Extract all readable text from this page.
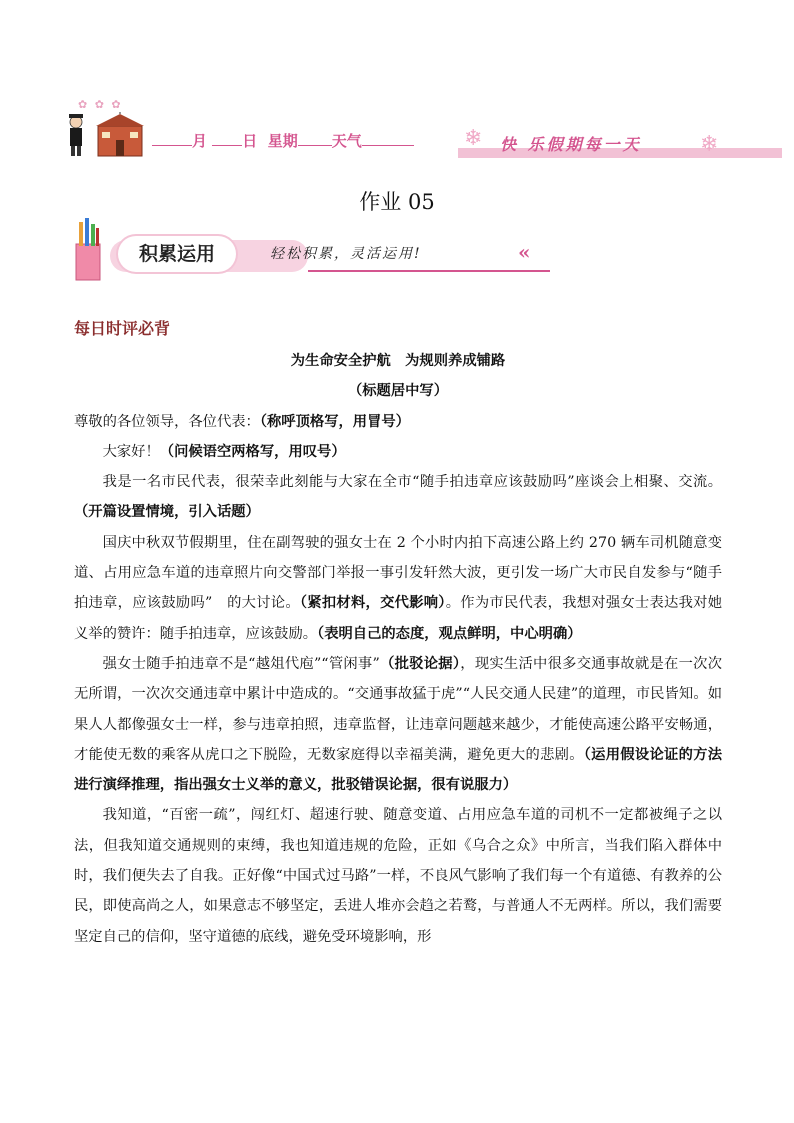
✿ ✿ ✿
月 日 星期 天气	❄	❄
快 乐假期每一天
作业 05
积累运用	轻松积累，灵活运用!	«
每日时评必背

为生命安全护航　为规则养成铺路

（标题居中写）

尊敬的各位领导，各位代表：（称呼顶格写，用冒号）

大家好！（问候语空两格写，用叹号）

我是一名市民代表，很荣幸此刻能与大家在全市“随手拍违章应该鼓励吗”座谈会上相聚、交流。（开篇设置情境，引入话题）

国庆中秋双节假期里，住在副驾驶的强女士在 2 个小时内拍下高速公路上约 270 辆车司机随意变道、占用应急车道的违章照片向交警部门举报一事引发轩然大波，更引发一场广大市民自发参与“随手拍违章，应该鼓励吗”　的大讨论。（紧扣材料，交代影响）。作为市民代表，我想对强女士表达我对她义举的赞许：随手拍违章，应该鼓励。（表明自己的态度，观点鲜明，中心明确）

强女士随手拍违章不是“越俎代庖”“管闲事”（批驳论据），现实生活中很多交通事故就是在一次次无所谓，一次次交通违章中累计中造成的。“交通事故猛于虎”“人民交通人民建”的道理，市民皆知。如果人人都像强女士一样，参与违章拍照，违章监督，让违章问题越来越少，才能使高速公路平安畅通，才能使无数的乘客从虎口之下脱险，无数家庭得以幸福美满，避免更大的悲剧。（运用假设论证的方法进行演绎推理，指出强女士义举的意义，批驳错误论据，很有说服力）

我知道，“百密一疏”，闯红灯、超速行驶、随意变道、占用应急车道的司机不一定都被绳子之以法，但我知道交通规则的束缚，我也知道违规的危险，正如《乌合之众》中所言，当我们陷入群体中时，我们便失去了自我。正好像“中国式过马路”一样，不良风气影响了我们每一个有道德、有教养的公民，即使高尚之人，如果意志不够坚定，丢进人堆亦会趋之若鹜，与普通人不无两样。所以，我们需要坚定自己的信仰，坚守道德的底线，避免受环境影响，形
